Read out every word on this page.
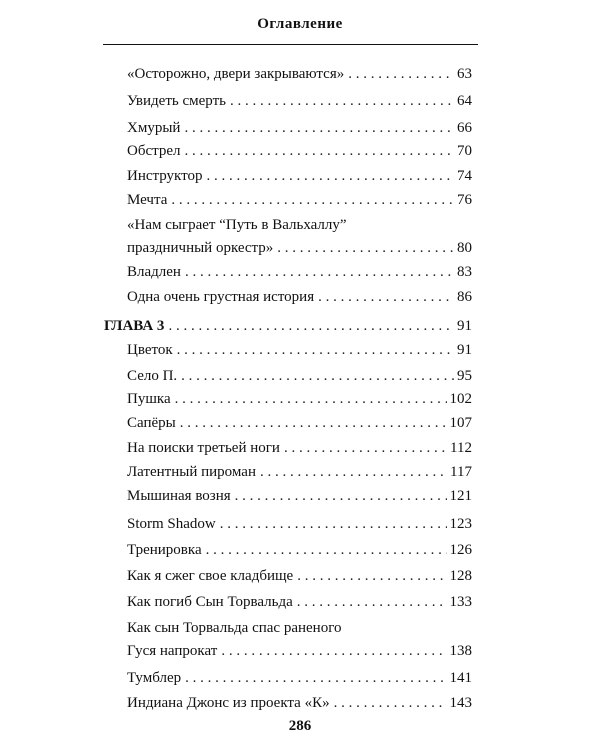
Оглавление
«Осторожно, двери закрываются» . . .	63
Увидеть смерть . . .	64
Хмурый . . .	66
Обстрел . . .	70
Инструктор . . .	74
Мечта . . .	76
«Нам сыграет “Путь в Вальхаллу”
праздничный оркестр» . . .	80
Владлен . . .	83
Одна очень грустная история . . .	86
ГЛАВА 3 . . .	91
Цветок . . .	91
Село П. . . .	95
Пушка . . .	102
Сапёры . . .	107
На поиски третьей ноги . . .	112
Латентный пироман . . .	117
Мышиная возня . . .	121
Storm Shadow . . .	123
Тренировка . . .	126
Как я сжег свое кладбище . . .	128
Как погиб Сын Торвальда . . .	133
Как сын Торвальда спас раненого
Гуся напрокат . . .	138
Тумблер . . .	141
Индиана Джонс из проекта «К» . . .	143
286
